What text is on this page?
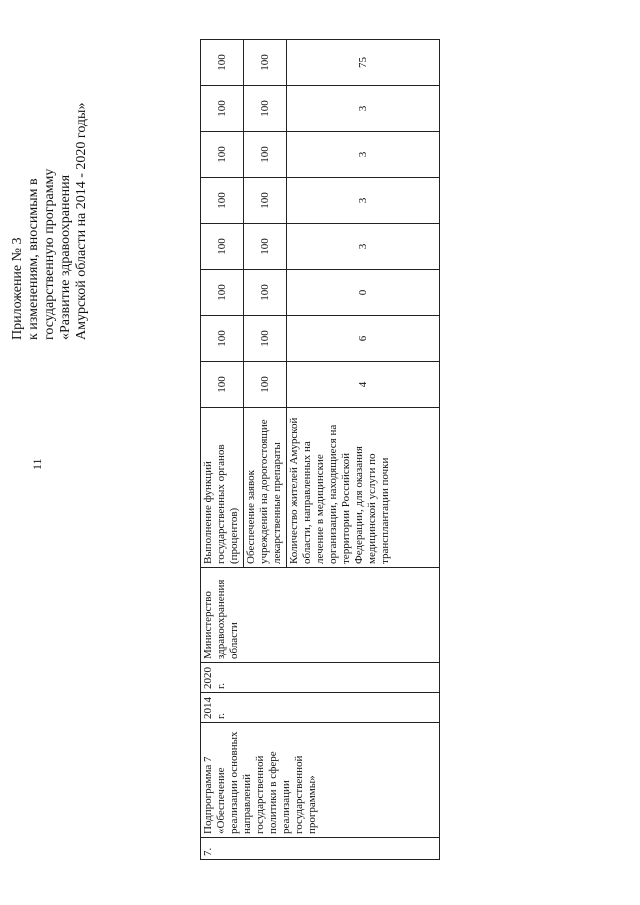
11
Приложение № 3 к изменениям, вносимым в государственную программу «Развитие здравоохранения Амурской области на 2014 - 2020 годы»
7.	Подпрограмма 7 «Обеспечение реализации основных направлений государственной политики в сфере реализации государственной программы»	2014 г.	2020 г.	Министерство здравоохранения области	Выполнение функций государственных органов (процентов)	100	100	100	100	100	100	100	100
					Обеспечение заявок учреждений на дорогостоящие лекарственные препараты	100	100	100	100	100	100	100	100
					Количество жителей Амурской области, направленных на лечение в медицинские организации, находящиеся на территории Российской Федерации, для оказания медицинской услуги по трансплантации почки	4	6	0	3	3	3	3	75
